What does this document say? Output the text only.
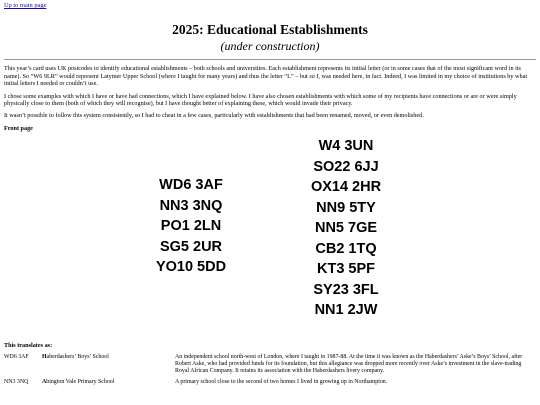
Up to main page
2025: Educational Establishments
(under construction)

This year’s card uses UK postcodes to identify educational establishments – both schools and universities. Each establishment represents its initial letter (or in some cases that of the most significant word in its name). So “W6 9LR” would represent Latymer Upper School (where I taught for many years) and thus the letter “L” – but so I, was needed here, in fact. Indeed, I was limited in my choice of institutions by what initial letters I needed or couldn’t use.

I chose some examples with which I have or have had connections, which I have explained below. I have also chosen establishments with which some of my recipients have connections or are or were simply physically close to them (both of which they will recognise), but I have thought better of explaining these, which would invade their privacy.

It wasn’t possible to follow this system consistently, so I had to cheat in a few cases, particularly with establishments that had been renamed, moved, or even demolished.

Front page
WD6 3AF
NN3 3NQ
PO1 2LN
SG5 2UR
YO10 5DD
W4 3UN
SO22 6JJ
OX14 2HR
NN9 5TY
NN5 7GE
CB2 1TQ
KT3 5PF
SY23 3FL
NN1 2JW
This translates as:
WD6 3AF	Haberdashers’ Boys’ School	An independent school north-west of London, where I taught in 1987-88. At the time it was known as the Haberdashers’ Aske’s Boys’ School, after Robert Aske, who had provided funds for its foundation, but this allegiance was dropped more recently over Aske’s investment in the slave-trading Royal African Company. It retains its association with the Haberdashers livery company.
NN3 3NQ	Abington Vale Primary School	A primary school close to the second of two homes I lived in growing up in Northampton.
